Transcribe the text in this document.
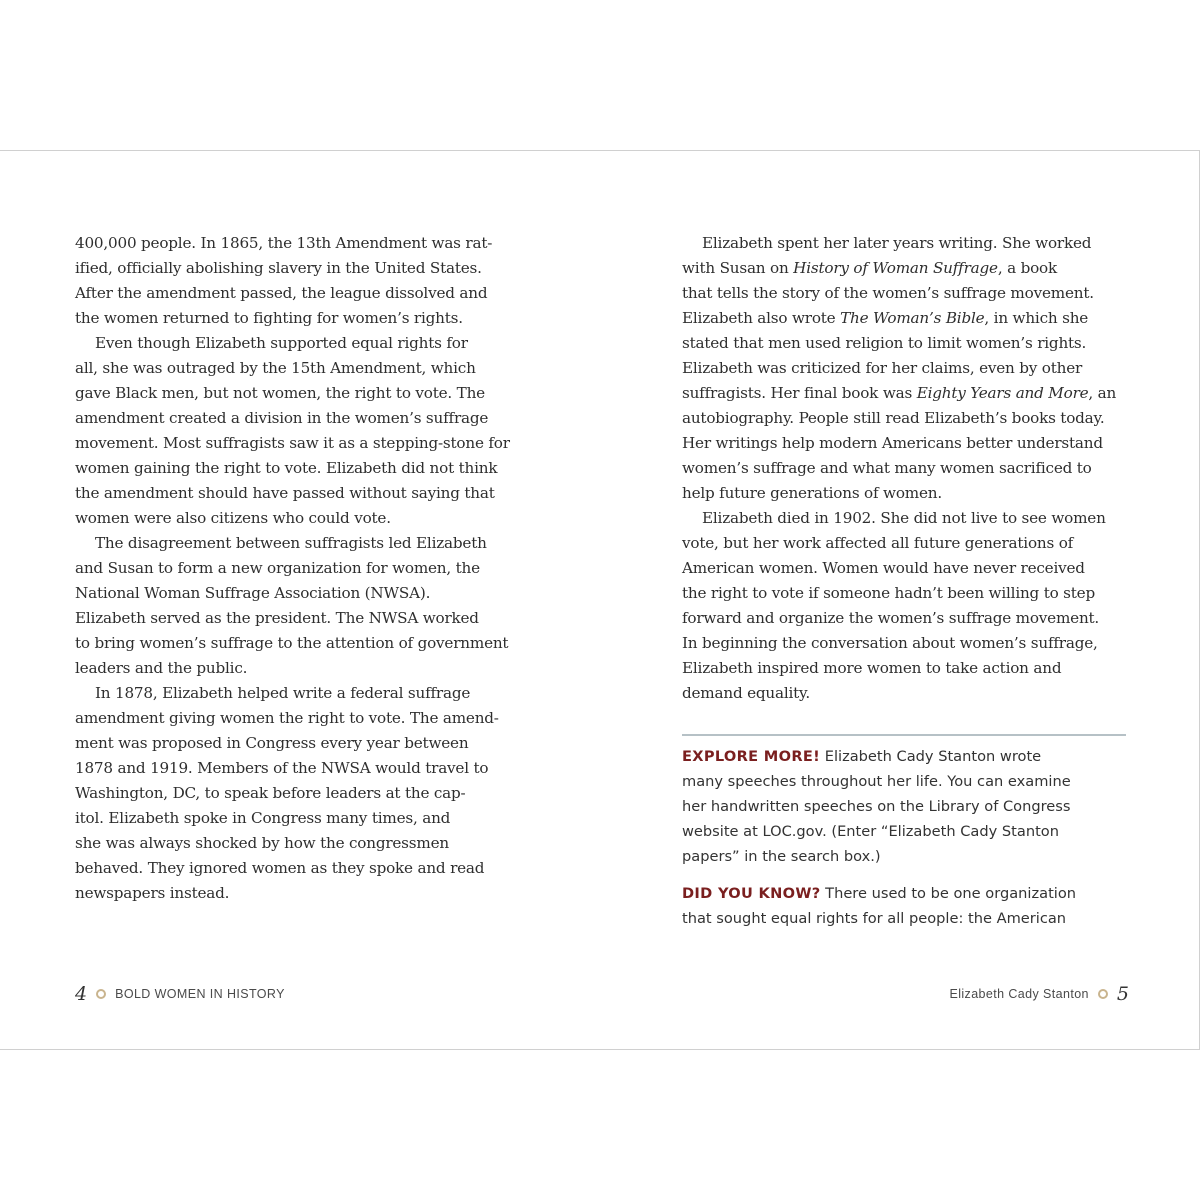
400,000 people. In 1865, the 13th Amendment was rat-
ified, officially abolishing slavery in the United States.
After the amendment passed, the league dissolved and
the women returned to fighting for women’s rights.
Even though Elizabeth supported equal rights for
all, she was outraged by the 15th Amendment, which
gave Black men, but not women, the right to vote. The
amendment created a division in the women’s suffrage
movement. Most suffragists saw it as a stepping-stone for
women gaining the right to vote. Elizabeth did not think
the amendment should have passed without saying that
women were also citizens who could vote.
The disagreement between suffragists led Elizabeth
and Susan to form a new organization for women, the
National Woman Suffrage Association (NWSA).
Elizabeth served as the president. The NWSA worked
to bring women’s suffrage to the attention of government
leaders and the public.
In 1878, Elizabeth helped write a federal suffrage
amendment giving women the right to vote. The amend-
ment was proposed in Congress every year between
1878 and 1919. Members of the NWSA would travel to
Washington, DC, to speak before leaders at the cap-
itol. Elizabeth spoke in Congress many times, and
she was always shocked by how the congressmen
behaved. They ignored women as they spoke and read
newspapers instead.
4 BOLD WOMEN IN HISTORY
Elizabeth spent her later years writing. She worked
with Susan on History of Woman Suffrage, a book
that tells the story of the women’s suffrage movement.
Elizabeth also wrote The Woman’s Bible, in which she
stated that men used religion to limit women’s rights.
Elizabeth was criticized for her claims, even by other
suffragists. Her final book was Eighty Years and More, an
autobiography. People still read Elizabeth’s books today.
Her writings help modern Americans better understand
women’s suffrage and what many women sacrificed to
help future generations of women.
Elizabeth died in 1902. She did not live to see women
vote, but her work affected all future generations of
American women. Women would have never received
the right to vote if someone hadn’t been willing to step
forward and organize the women’s suffrage movement.
In beginning the conversation about women’s suffrage,
Elizabeth inspired more women to take action and
demand equality.
EXPLORE MORE! Elizabeth Cady Stanton wrote
many speeches throughout her life. You can examine
her handwritten speeches on the Library of Congress
website at LOC.gov. (Enter “Elizabeth Cady Stanton
papers” in the search box.)
DID YOU KNOW? There used to be one organization
that sought equal rights for all people: the American
Elizabeth Cady Stanton 5
